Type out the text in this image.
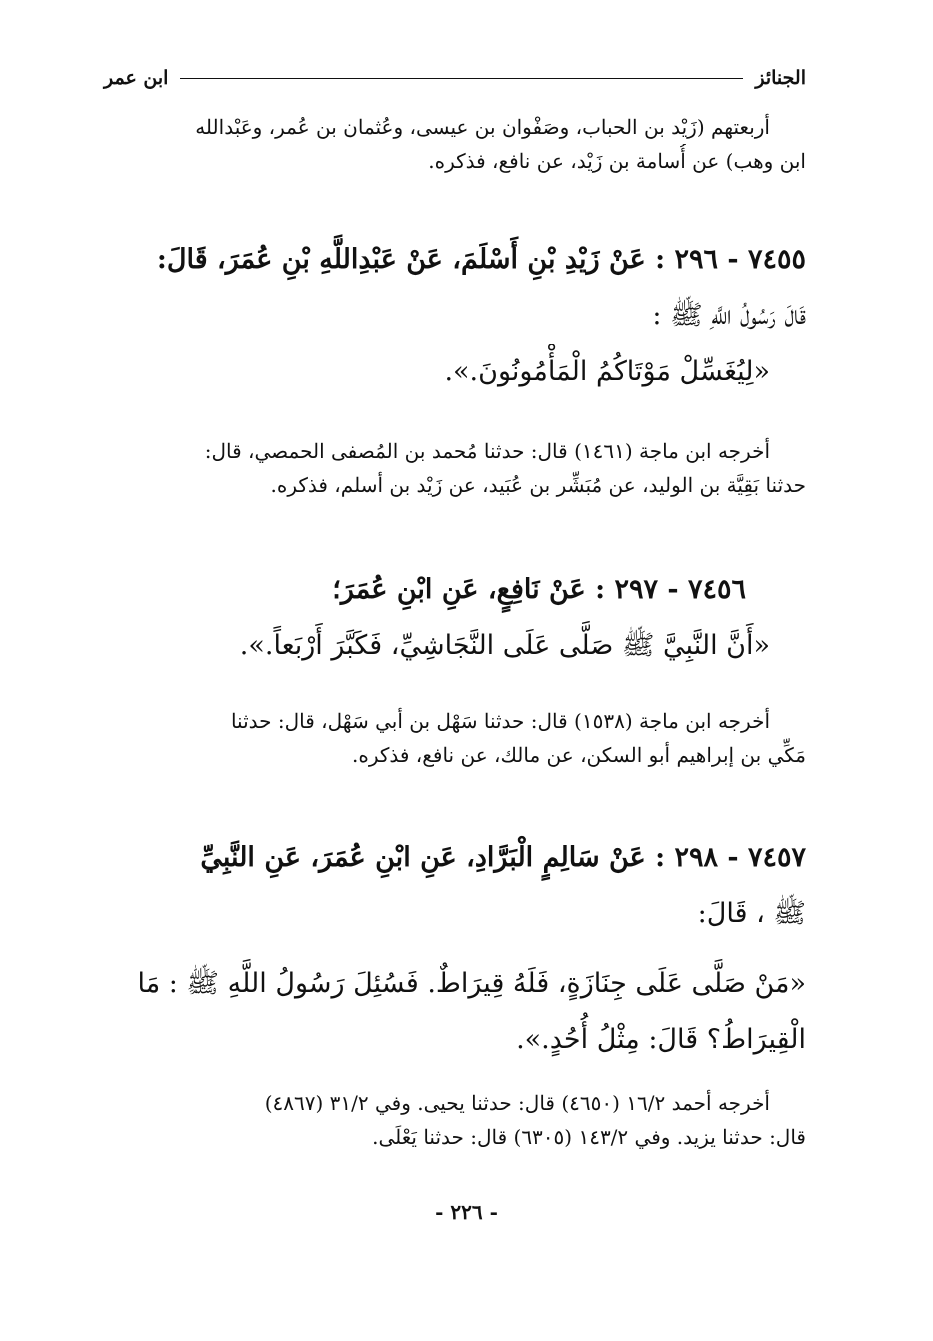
الجنائز
ابن عمر
أربعتهم (زَيْد بن الحباب، وصَفْوان بن عيسى، وعُثمان بن عُمر، وعَبْدالله
ابن وهب) عن أُسامة بن زَيْد، عن نافع، فذكره.
٧٤٥٥ - ٢٩٦ : عَنْ زَيْدِ بْنِ أَسْلَمَ، عَنْ عَبْدِاللَّهِ بْنِ عُمَرَ، قَالَ:
قَالَ رَسُولُ اللَّهِ ﷺ :
«لِيُغَسِّلْ مَوْتَاكُمُ الْمَأْمُونُونَ.».
أخرجه ابن ماجة (١٤٦١) قال: حدثنا مُحمد بن المُصفى الحمصي، قال:
حدثنا بَقِيَّة بن الوليد، عن مُبَشِّر بن عُبَيد، عن زَيْد بن أسلم، فذكره.
٧٤٥٦ - ٢٩٧ : عَنْ نَافِعٍ، عَنِ ابْنِ عُمَرَ؛
«أَنَّ النَّبِيَّ ﷺ صَلَّى عَلَى النَّجَاشِيِّ، فَكَبَّرَ أَرْبَعاً.».
أخرجه ابن ماجة (١٥٣٨) قال: حدثنا سَهْل بن أبي سَهْل، قال: حدثنا
مَكِّي بن إبراهيم أبو السكن، عن مالك، عن نافع، فذكره.
٧٤٥٧ - ٢٩٨ : عَنْ سَالِمٍ الْبَرَّادِ، عَنِ ابْنِ عُمَرَ، عَنِ النَّبِيِّ
ﷺ ، قَالَ:
«مَنْ صَلَّى عَلَى جِنَازَةٍ، فَلَهُ قِيرَاطٌ. فَسُئِلَ رَسُولُ اللَّهِ ﷺ : مَا
الْقِيرَاطُ؟ قَالَ: مِثْلُ أُحُدٍ.».
أخرجه أحمد ١٦/٢ (٤٦٥٠) قال: حدثنا يحيى. وفي ٣١/٢ (٤٨٦٧)
قال: حدثنا يزيد. وفي ١٤٣/٢ (٦٣٠٥) قال: حدثنا يَعْلَى.
- ٢٢٦ -
